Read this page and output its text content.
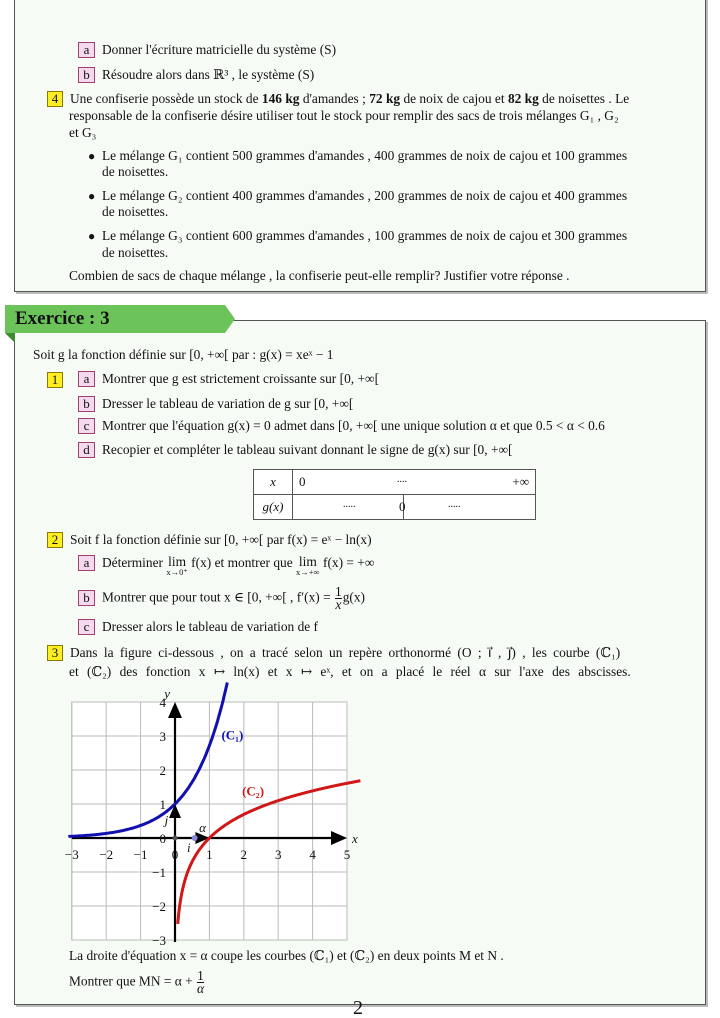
a Donner l'écriture matricielle du système (S)
b Résoudre alors dans ℝ³ , le système (S)
4 Une confiserie possède un stock de 146 kg d'amandes ; 72 kg de noix de cajou et 82 kg de noisettes . Le
responsable de la confiserie désire utiliser tout le stock pour remplir des sacs de trois mélanges G₁ , G₂
et G₃
● Le mélange G₁ contient 500 grammes d'amandes , 400 grammes de noix de cajou et 100 grammes
de noisettes.
● Le mélange G₂ contient 400 grammes d'amandes , 200 grammes de noix de cajou et 400 grammes
de noisettes.
● Le mélange G₃ contient 600 grammes d'amandes , 100 grammes de noix de cajou et 300 grammes
de noisettes.
Combien de sacs de chaque mélange , la confiserie peut-elle remplir? Justifier votre réponse .
Exercice : 3
Soit g la fonction définie sur [0, +∞[ par : g(x) = xeˣ − 1
1	a Montrer que g est strictement croissante sur [0, +∞[
b Dresser le tableau de variation de g sur [0, +∞[
c Montrer que l'équation g(x) = 0 admet dans [0, +∞[ une unique solution α et que 0.5 < α < 0.6
d Recopier et compléter le tableau suivant donnant le signe de g(x) sur [0, +∞[
x	0 .... +∞

g(x)	..... 0 .....
2 Soit f la fonction définie sur [0, +∞[ par f(x) = eˣ − ln(x)
a Déterminer lim
x→0⁺
f(x) et montrer que lim
x→+∞
f(x) = +∞
b Montrer que pour tout x ∈ [0, +∞[ , $f'(x) = \frac{1}{x} g(x)$
c Dresser alors le tableau de variation de f
3 Dans la figure ci-dessous , on a tracé selon un repère orthonormé (O ; i⃗ , j⃗) , les courbe (ℂ₁)
et (ℂ₂) des fonction x ↦ ln(x) et x ↦ eˣ, et on a placé le réel α sur l'axe des abscisses.
−3 −2 −1 0 1 2 3 4 5
−3
−2
−1
0
1
2
3
4
x
y
(C₁)
(C₂)
i⃗
j⃗
α
La droite d'équation x = α coupe les courbes (ℂ₁) et (ℂ₂) en deux points M et N .
Montrer que MN = $\alpha + \frac{1}{\alpha}$
2
